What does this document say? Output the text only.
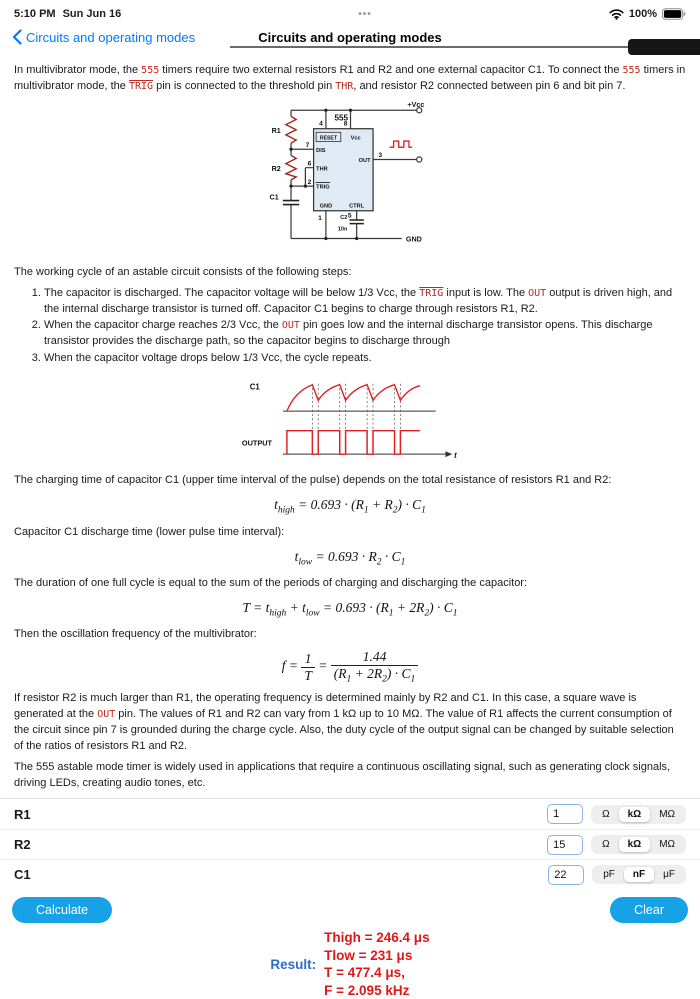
5:10 PM Sun Jun 16	•••	100%
Circuits and operating modes
Circuits and operating modes

In multivibrator mode, the 555 timers require two external resistors R1 and R2 and one external capacitor C1. To connect the 555 timers in multivibrator mode, the TRIG pin is connected to the threshold pin THR, and resistor R2 connected between pin 6 and bit pin 7.

+Vcc
R1
R2
C1
555
4	8
RESET Vcc
7
DIS
6
THR
2
TRIG
3
OUT
GND	CTRL
1	5
C2
10n
GND

The working cycle of an astable circuit consists of the following steps:

1. The capacitor is discharged. The capacitor voltage will be below 1/3 Vcc, the TRIG input is low. The OUT output is driven high, and the internal discharge transistor is turned off. Capacitor C1 begins to charge through resistors R1, R2.
2. When the capacitor charge reaches 2/3 Vcc, the OUT pin goes low and the internal discharge transistor opens. This discharge transistor provides the discharge path, so the capacitor begins to discharge through
3. When the capacitor voltage drops below 1/3 Vcc, the cycle repeats.
C1
OUTPUT
t

The charging time of capacitor C1 (upper time interval of the pulse) depends on the total resistance of resistors R1 and R2:

$t_{high} = 0.693 \cdot (R_1 + R_2) \cdot C_1$

Capacitor C1 discharge time (lower pulse time interval):

$t_{low} = 0.693 \cdot R_2 \cdot C_1$

The duration of one full cycle is equal to the sum of the periods of charging and discharging the capacitor:

$T = t_{high} + t_{low} = 0.693 \cdot (R_1 + 2R_2) \cdot C_1$

Then the oscillation frequency of the multivibrator:

$f = \frac{1}{T} = \frac{1.44}{(R_1 + 2R_2) \cdot C_1}$

If resistor R2 is much larger than R1, the operating frequency is determined mainly by R2 and C1. In this case, a square wave is generated at the OUT pin. The values of R1 and R2 can vary from 1 kΩ up to 10 MΩ. The value of R1 affects the current consumption of the circuit since pin 7 is grounded during the charge cycle. Also, the duty cycle of the output signal can be changed by suitable selection of the ratios of resistors R1 and R2.

The 555 astable mode timer is widely used in applications that require a continuous oscillating signal, such as generating clock signals, driving LEDs, creating audio tones, etc.

R1
1	Ω	kΩ	MΩ
R2
15	Ω	kΩ	MΩ
C1
22	pF	nF	μF
Calculate	Clear
Result:
Thigh = 246.4 μs
Tlow = 231 μs
T = 477.4 μs,
F = 2.095 kHz
